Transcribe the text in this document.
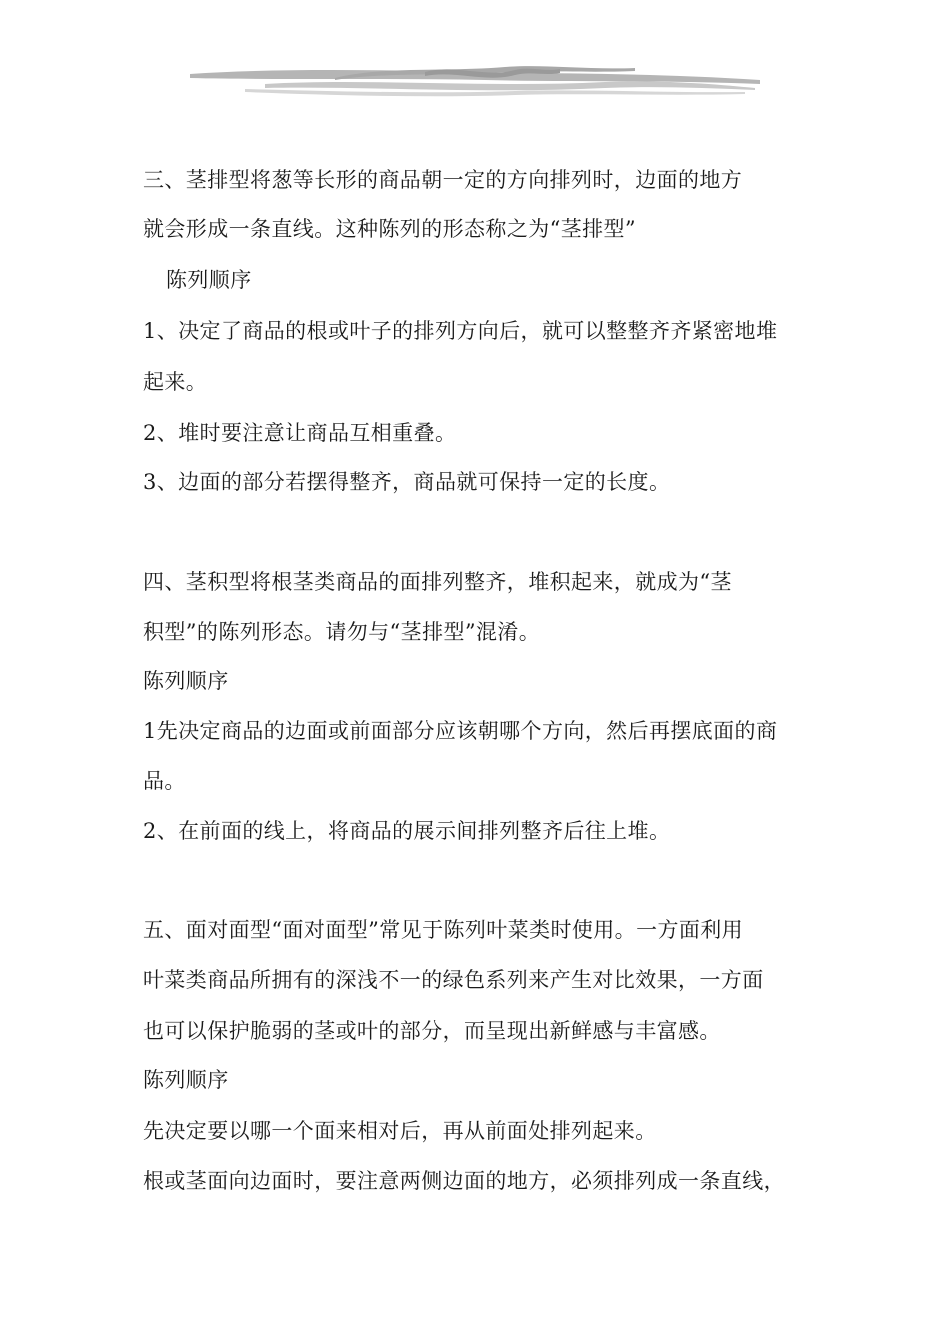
三、茎排型将葱等长形的商品朝一定的方向排列时，边面的地方

就会形成一条直线。这种陈列的形态称之为“茎排型”

陈列顺序

1、决定了商品的根或叶子的排列方向后，就可以整整齐齐紧密地堆

起来。

2、堆时要注意让商品互相重叠。

3、边面的部分若摆得整齐，商品就可保持一定的长度。

四、茎积型将根茎类商品的面排列整齐，堆积起来，就成为“茎

积型”的陈列形态。请勿与“茎排型”混淆。

陈列顺序

1先决定商品的边面或前面部分应该朝哪个方向，然后再摆底面的商

品。

2、在前面的线上，将商品的展示间排列整齐后往上堆。

五、面对面型“面对面型”常见于陈列叶菜类时使用。一方面利用

叶菜类商品所拥有的深浅不一的绿色系列来产生对比效果，一方面

也可以保护脆弱的茎或叶的部分，而呈现出新鲜感与丰富感。

陈列顺序

先决定要以哪一个面来相对后，再从前面处排列起来。

根或茎面向边面时，要注意两侧边面的地方，必须排列成一条直线，
